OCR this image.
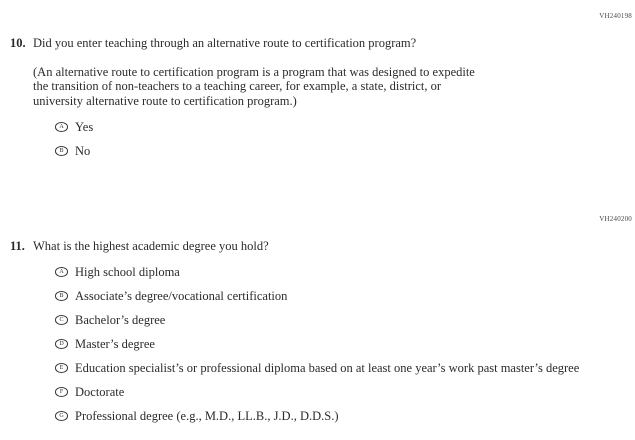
VH240198
10. Did you enter teaching through an alternative route to certification program?
(An alternative route to certification program is a program that was designed to expedite the transition of non-teachers to a teaching career, for example, a state, district, or university alternative route to certification program.)
A Yes
B No
VH240200
11. What is the highest academic degree you hold?
A High school diploma
B Associate’s degree/vocational certification
C Bachelor’s degree
D Master’s degree
E Education specialist’s or professional diploma based on at least one year’s work past master’s degree
F Doctorate
G Professional degree (e.g., M.D., LL.B., J.D., D.D.S.)
